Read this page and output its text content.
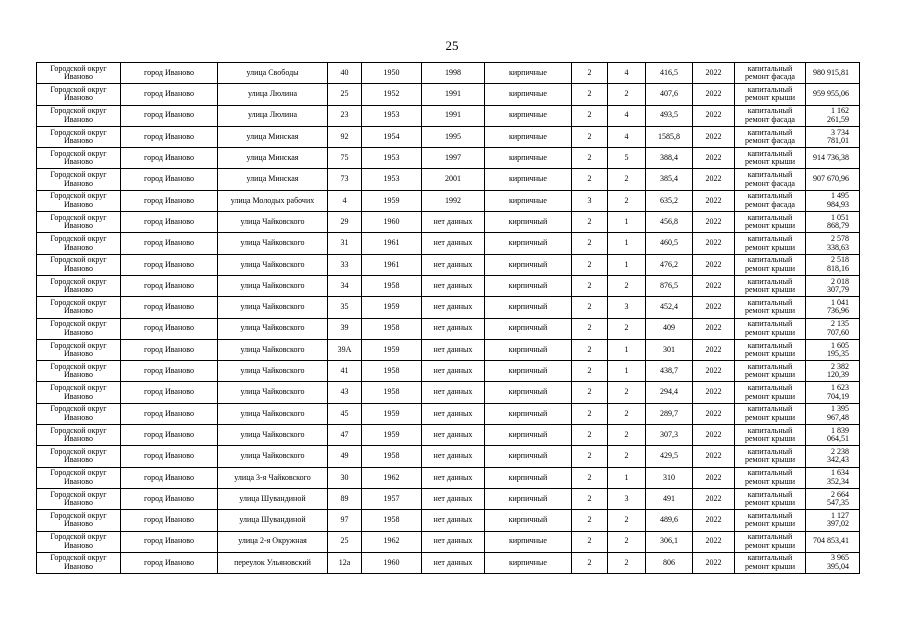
25
Городской округ Иваново	город Иваново	улица Свободы	40	1950	1998	кирпичные	2	4	416,5	2022	капитальный ремонт фасада	980 915,81
Городской округ Иваново	город Иваново	улица Люлина	25	1952	1991	кирпичные	2	2	407,6	2022	капитальный ремонт крыши	959 955,06
Городской округ Иваново	город Иваново	улица Люлина	23	1953	1991	кирпичные	2	4	493,5	2022	капитальный ремонт фасада	1 162 261,59
Городской округ Иваново	город Иваново	улица Минская	92	1954	1995	кирпичные	2	4	1585,8	2022	капитальный ремонт фасада	3 734 781,01
Городской округ Иваново	город Иваново	улица Минская	75	1953	1997	кирпичные	2	5	388,4	2022	капитальный ремонт крыши	914 736,38
Городской округ Иваново	город Иваново	улица Минская	73	1953	2001	кирпичные	2	2	385,4	2022	капитальный ремонт фасада	907 670,96
Городской округ Иваново	город Иваново	улица Молодых рабочих	4	1959	1992	кирпичные	3	2	635,2	2022	капитальный ремонт фасада	1 495 984,93
Городской округ Иваново	город Иваново	улица Чайковского	29	1960	нет данных	кирпичный	2	1	456,8	2022	капитальный ремонт крыши	1 051 868,79
Городской округ Иваново	город Иваново	улица Чайковского	31	1961	нет данных	кирпичный	2	1	460,5	2022	капитальный ремонт крыши	2 578 338,63
Городской округ Иваново	город Иваново	улица Чайковского	33	1961	нет данных	кирпичный	2	1	476,2	2022	капитальный ремонт крыши	2 518 818,16
Городской округ Иваново	город Иваново	улица Чайковского	34	1958	нет данных	кирпичный	2	2	876,5	2022	капитальный ремонт крыши	2 018 307,79
Городской округ Иваново	город Иваново	улица Чайковского	35	1959	нет данных	кирпичный	2	3	452,4	2022	капитальный ремонт крыши	1 041 736,96
Городской округ Иваново	город Иваново	улица Чайковского	39	1958	нет данных	кирпичный	2	2	409	2022	капитальный ремонт крыши	2 135 707,60
Городской округ Иваново	город Иваново	улица Чайковского	39А	1959	нет данных	кирпичный	2	1	301	2022	капитальный ремонт крыши	1 605 195,35
Городской округ Иваново	город Иваново	улица Чайковского	41	1958	нет данных	кирпичный	2	1	438,7	2022	капитальный ремонт крыши	2 382 120,39
Городской округ Иваново	город Иваново	улица Чайковского	43	1958	нет данных	кирпичный	2	2	294,4	2022	капитальный ремонт крыши	1 623 704,19
Городской округ Иваново	город Иваново	улица Чайковского	45	1959	нет данных	кирпичный	2	2	289,7	2022	капитальный ремонт крыши	1 395 967,48
Городской округ Иваново	город Иваново	улица Чайковского	47	1959	нет данных	кирпичный	2	2	307,3	2022	капитальный ремонт крыши	1 839 064,51
Городской округ Иваново	город Иваново	улица Чайковского	49	1958	нет данных	кирпичный	2	2	429,5	2022	капитальный ремонт крыши	2 238 342,43
Городской округ Иваново	город Иваново	улица 3-я Чайковского	30	1962	нет данных	кирпичный	2	1	310	2022	капитальный ремонт крыши	1 634 352,34
Городской округ Иваново	город Иваново	улица Шувандиной	89	1957	нет данных	кирпичный	2	3	491	2022	капитальный ремонт крыши	2 664 547,35
Городской округ Иваново	город Иваново	улица Шувандиной	97	1958	нет данных	кирпичный	2	2	489,6	2022	капитальный ремонт крыши	1 127 397,02
Городской округ Иваново	город Иваново	улица 2-я Окружная	25	1962	нет данных	кирпичные	2	2	306,1	2022	капитальный ремонт крыши	704 853,41
Городской округ Иваново	город Иваново	переулок Ульяновский	12а	1960	нет данных	кирпичные	2	2	806	2022	капитальный ремонт крыши	3 965 395,04
